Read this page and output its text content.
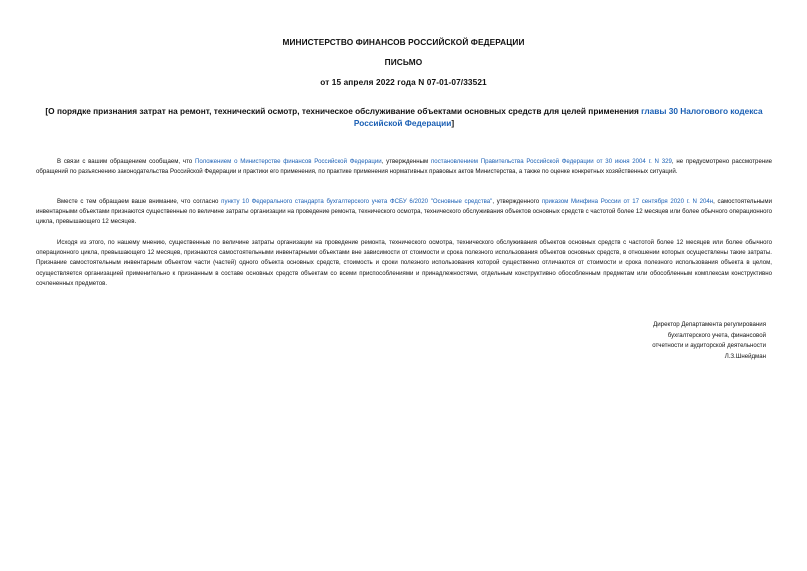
МИНИСТЕРСТВО ФИНАНСОВ РОССИЙСКОЙ ФЕДЕРАЦИИ
ПИСЬМО
от 15 апреля 2022 года N 07-01-07/33521
[О порядке признания затрат на ремонт, технический осмотр, техническое обслуживание объектами основных средств для целей применения главы 30 Налогового кодекса Российской Федерации]

В связи с вашим обращением сообщаем, что Положением о Министерстве финансов Российской Федерации, утвержденным постановлением Правительства Российской Федерации от 30 июня 2004 г. N 329, не предусмотрено рассмотрение обращений по разъяснению законодательства Российской Федерации и практики его применения, по практике применения нормативных правовых актов Министерства, а также по оценке конкретных хозяйственных ситуаций.

Вместе с тем обращаем ваше внимание, что согласно пункту 10 Федерального стандарта бухгалтерского учета ФСБУ 6/2020 "Основные средства", утвержденного приказом Минфина России от 17 сентября 2020 г. N 204н, самостоятельными инвентарными объектами признаются существенные по величине затраты организации на проведение ремонта, технического осмотра, технического обслуживания объектов основных средств с частотой более 12 месяцев или более обычного операционного цикла, превышающего 12 месяцев.

Исходя из этого, по нашему мнению, существенные по величине затраты организации на проведение ремонта, технического осмотра, технического обслуживания объектов основных средств с частотой более 12 месяцев или более обычного операционного цикла, превышающего 12 месяцев, признаются самостоятельными инвентарными объектами вне зависимости от стоимости и срока полезного использования объектов основных средств, в отношении которых осуществлены такие затраты. Признание самостоятельным инвентарным объектом части (частей) одного объекта основных средств, стоимость и сроки полезного использования которой существенно отличаются от стоимости и срока полезного использования объекта в целом, осуществляется организацией применительно к признанным в составе основных средств объектам со всеми приспособлениями и принадлежностями, отдельным конструктивно обособленным предметам или обособленным комплексам конструктивно сочлененных предметов.

Директор Департамента регулирования
бухгалтерского учета, финансовой
отчетности и аудиторской деятельности
Л.З.Шнейдман
